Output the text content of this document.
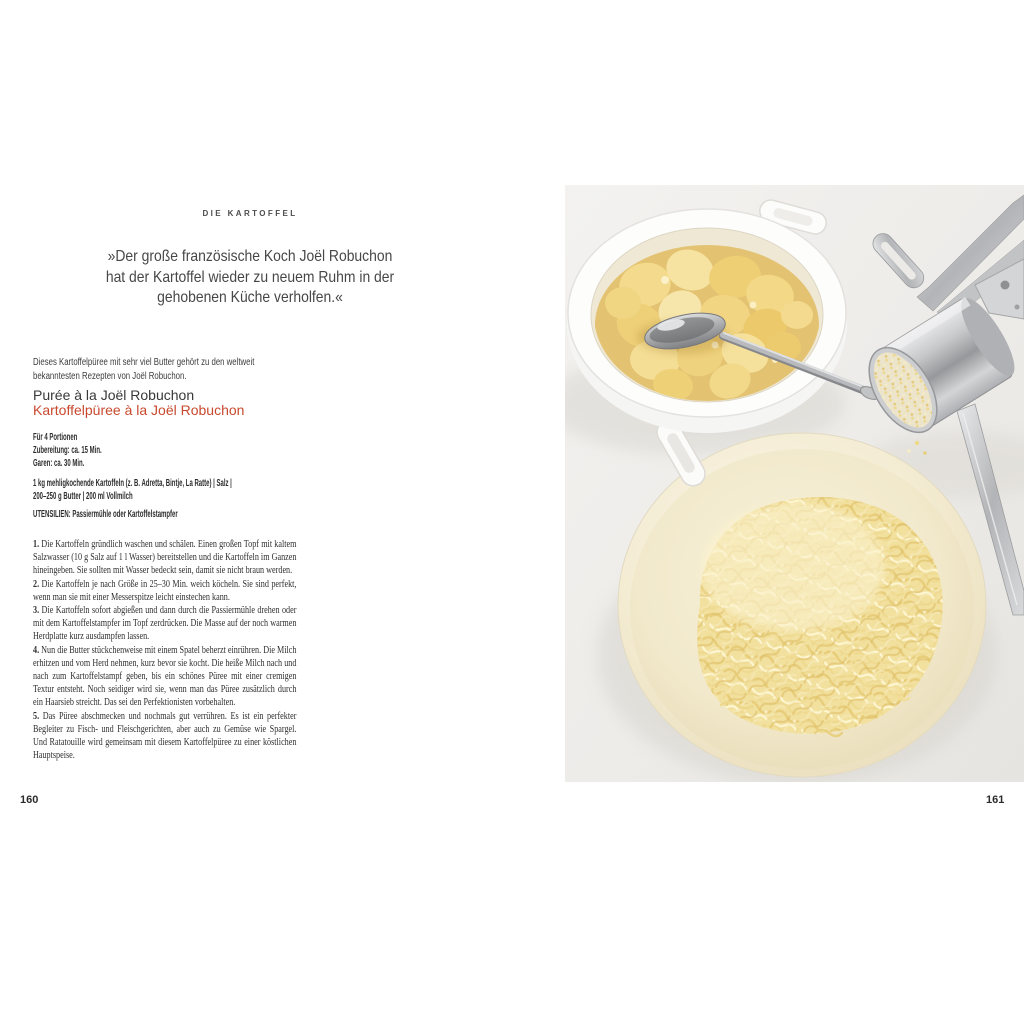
DIE KARTOFFEL
»Der große französische Koch Joël Robuchon
hat der Kartoffel wieder zu neuem Ruhm in der
gehobenen Küche verholfen.«
Dieses Kartoffelpüree mit sehr viel Butter gehört zu den weltweit
bekanntesten Rezepten von Joël Robuchon.
Purée à la Joël Robuchon
Kartoffelpüree à la Joël Robuchon
Für 4 Portionen
Zubereitung: ca. 15 Min.
Garen: ca. 30 Min.
1 kg mehligkochende Kartoffeln (z. B. Adretta, Bintje, La Ratte) | Salz |
200–250 g Butter | 200 ml Vollmilch
UTENSILIEN: Passiermühle oder Kartoffelstampfer

1. Die Kartoffeln gründlich waschen und schälen. Einen großen Topf mit kaltem Salzwasser (10 g Salz auf 1 l Wasser) bereitstellen und die Kartoffeln im Ganzen hineingeben. Sie sollten mit Wasser bedeckt sein, damit sie nicht braun werden.

2. Die Kartoffeln je nach Größe in 25–30 Min. weich köcheln. Sie sind perfekt, wenn man sie mit einer Messerspitze leicht einstechen kann.

3. Die Kartoffeln sofort abgießen und dann durch die Passiermühle drehen oder mit dem Kartoffelstampfer im Topf zerdrücken. Die Masse auf der noch warmen Herdplatte kurz ausdampfen lassen.

4. Nun die Butter stückchenweise mit einem Spatel beherzt einrühren. Die Milch erhitzen und vom Herd nehmen, kurz bevor sie kocht. Die heiße Milch nach und nach zum Kartoffelstampf geben, bis ein schönes Püree mit einer cremigen Textur entsteht. Noch seidiger wird sie, wenn man das Püree zusätzlich durch ein Haarsieb streicht. Das sei den Perfektionisten vorbehalten.

5. Das Püree abschmecken und nochmals gut verrühren. Es ist ein perfekter Begleiter zu Fisch- und Fleischgerichten, aber auch zu Gemüse wie Spargel. Und Ratatouille wird gemeinsam mit diesem Kartoffelpüree zu einer köstlichen Hauptspeise.

160	161
